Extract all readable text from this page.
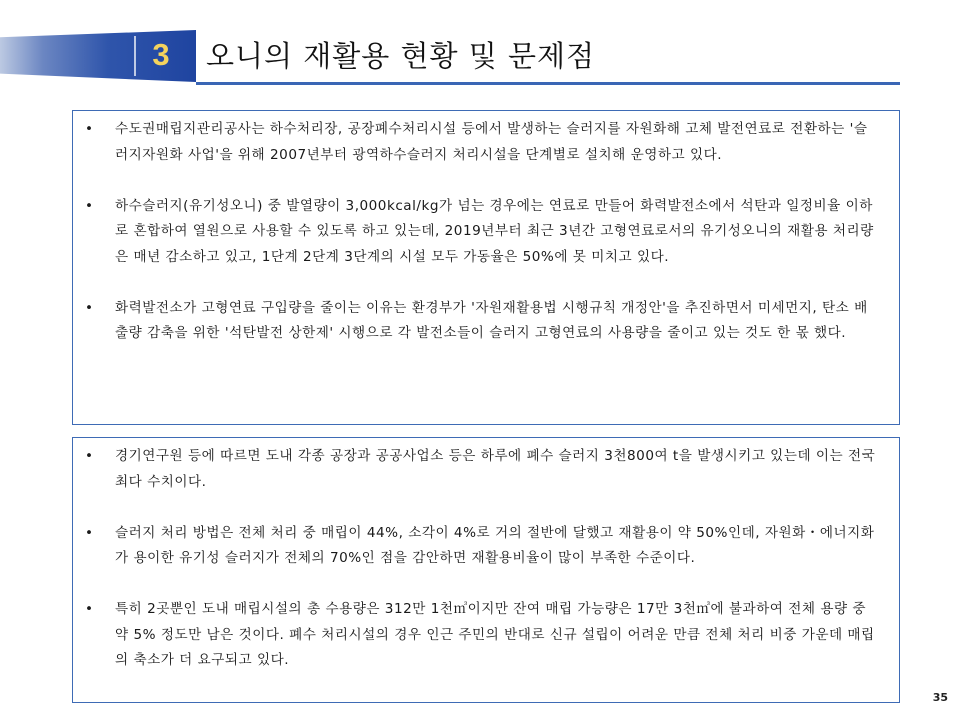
3 오니의 재활용 현황 및 문제점
•	수도권매립지관리공사는 하수처리장, 공장폐수처리시설 등에서 발생하는 슬러지를 자원화해 고체 발전연료로 전환하는 '슬러지자원화 사업'을 위해 2007년부터 광역하수슬러지 처리시설을 단계별로 설치해 운영하고 있다.
•	하수슬러지(유기성오니) 중 발열량이 3,000kcal/kg가 넘는 경우에는 연료로 만들어 화력발전소에서 석탄과 일정비율 이하로 혼합하여 열원으로 사용할 수 있도록 하고 있는데, 2019년부터 최근 3년간 고형연료로서의 유기성오니의 재활용 처리량은 매년 감소하고 있고, 1단계 2단계 3단계의 시설 모두 가동율은 50%에 못 미치고 있다.
•	화력발전소가 고형연료 구입량을 줄이는 이유는 환경부가 '자원재활용법 시행규칙 개정안'을 추진하면서 미세먼지, 탄소 배출량 감축을 위한 '석탄발전 상한제' 시행으로 각 발전소들이 슬러지 고형연료의 사용량을 줄이고 있는 것도 한 몫 했다.
•	경기연구원 등에 따르면 도내 각종 공장과 공공사업소 등은 하루에 폐수 슬러지 3천800여 t을 발생시키고 있는데 이는 전국 최다 수치이다.
•	슬러지 처리 방법은 전체 처리 중 매립이 44%, 소각이 4%로 거의 절반에 달했고 재활용이 약 50%인데, 자원화・에너지화가 용이한 유기성 슬러지가 전체의 70%인 점을 감안하면 재활용비율이 많이 부족한 수준이다.
•	특히 2곳뿐인 도내 매립시설의 총 수용량은 312만 1천㎥이지만 잔여 매립 가능량은 17만 3천㎥에 불과하여 전체 용량 중 약 5% 정도만 남은 것이다. 폐수 처리시설의 경우 인근 주민의 반대로 신규 설립이 어려운 만큼 전체 처리 비중 가운데 매립의 축소가 더 요구되고 있다.
35
